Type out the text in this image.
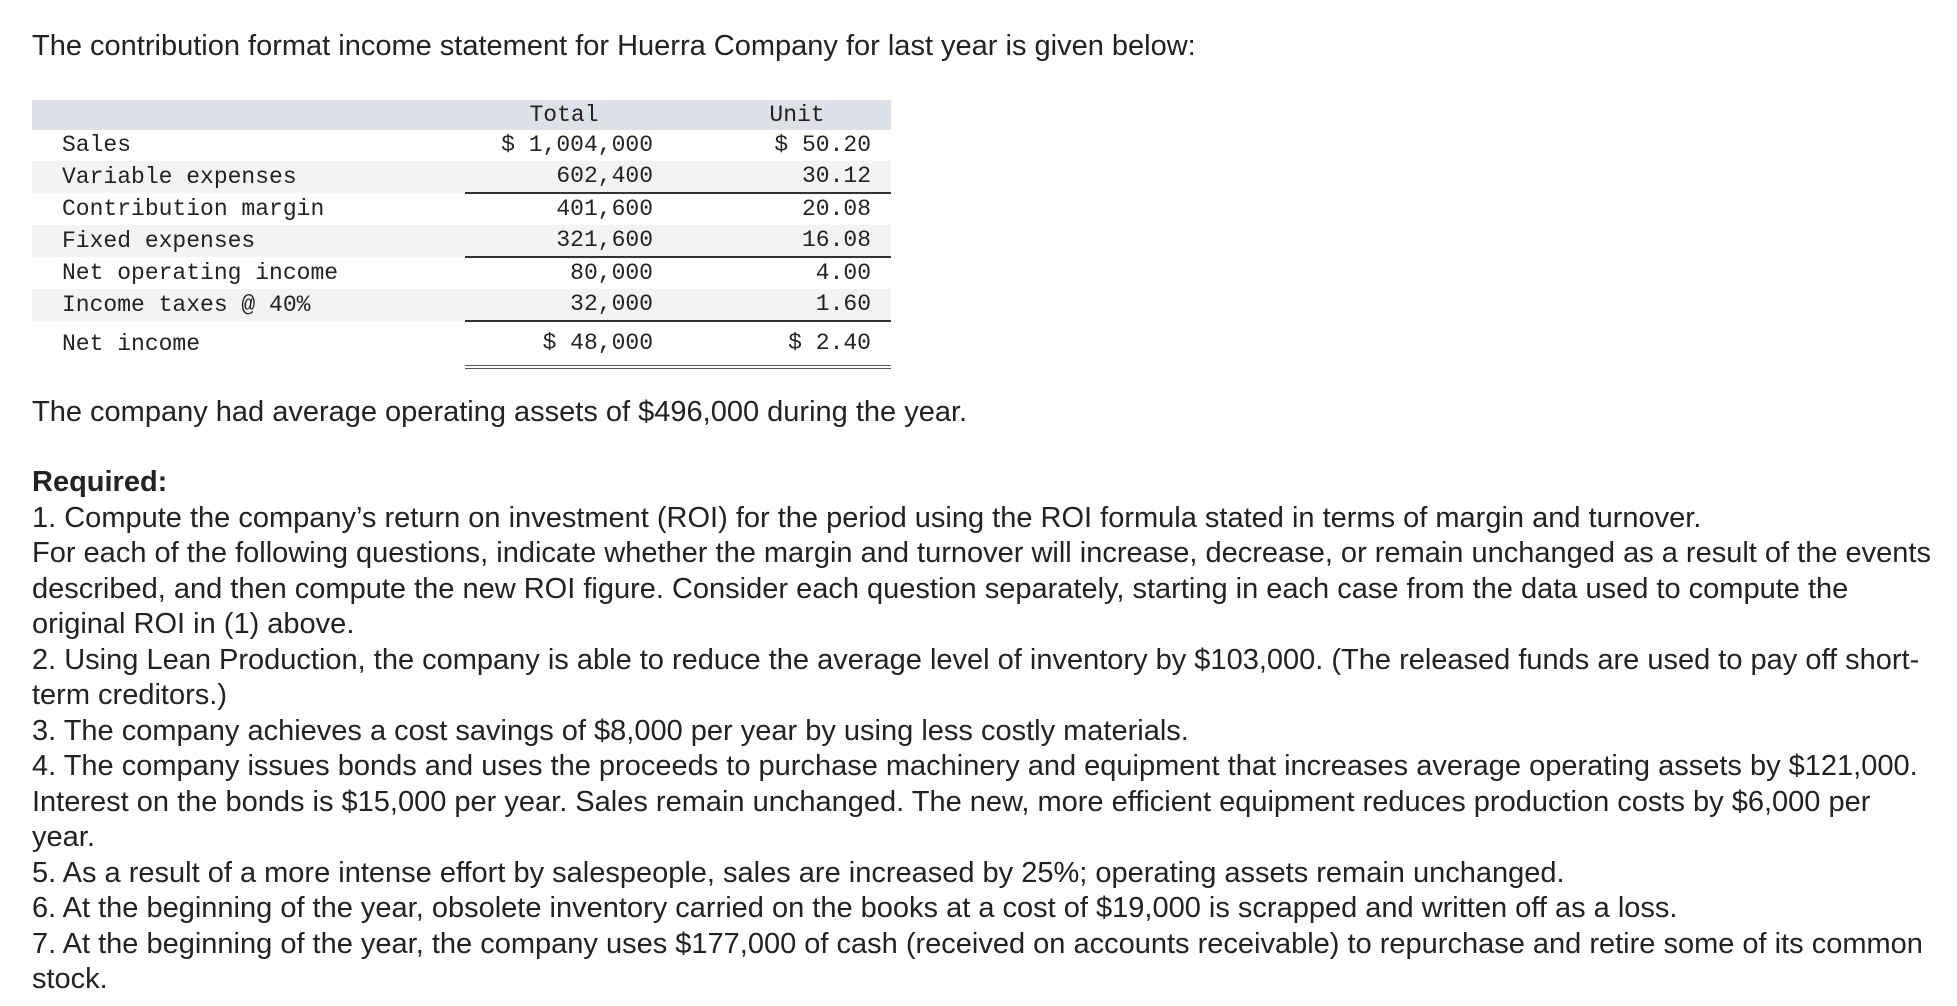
The contribution format income statement for Huerra Company for last year is given below:

	Total	Unit
Sales	$ 1,004,000	$ 50.20
Variable expenses	602,400	30.12
Contribution margin	401,600	20.08
Fixed expenses	321,600	16.08
Net operating income	80,000	4.00
Income taxes @ 40%	32,000	1.60
Net income	$ 48,000	$ 2.40

The company had average operating assets of $496,000 during the year.

Required:

1. Compute the company’s return on investment (ROI) for the period using the ROI formula stated in terms of margin and turnover.

For each of the following questions, indicate whether the margin and turnover will increase, decrease, or remain unchanged as a result of the events described, and then compute the new ROI figure. Consider each question separately, starting in each case from the data used to compute the original ROI in (1) above.

2. Using Lean Production, the company is able to reduce the average level of inventory by $103,000. (The released funds are used to pay off short-term creditors.)

3. The company achieves a cost savings of $8,000 per year by using less costly materials.

4. The company issues bonds and uses the proceeds to purchase machinery and equipment that increases average operating assets by $121,000. Interest on the bonds is $15,000 per year. Sales remain unchanged. The new, more efficient equipment reduces production costs by $6,000 per year.

5. As a result of a more intense effort by salespeople, sales are increased by 25%; operating assets remain unchanged.

6. At the beginning of the year, obsolete inventory carried on the books at a cost of $19,000 is scrapped and written off as a loss.

7. At the beginning of the year, the company uses $177,000 of cash (received on accounts receivable) to repurchase and retire some of its common stock.
